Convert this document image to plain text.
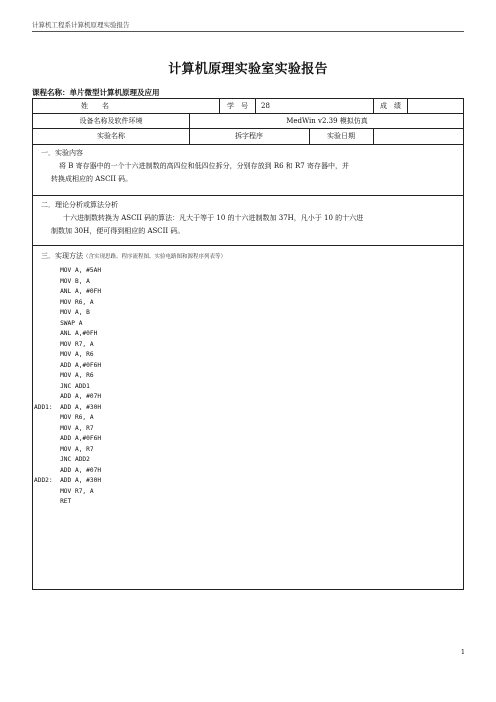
计算机工程系计算机原理实验报告
计算机原理实验室实验报告
课程名称：单片微型计算机原理及应用
姓　　名	学　号	28	成　绩
设备名称及软件环境	MedWin v2.39 模拟仿真
实验名称	拆字程序	实验日期
一．实验内容
将 B 寄存器中的一个十六进制数的高四位和低四位拆分，分别存放到 R6 和 R7 寄存器中，并
转换成相应的 ASCII 码。
二．理论分析或算法分析
十六进制数转换为 ASCII 码的算法：凡大于等于 10 的十六进制数加 37H，凡小于 10 的十六进
制数加 30H，便可得到相应的 ASCII 码。
三．实现方法（含实现思路、程序流程图、实验电路图和源程序列表等）
MOV A, #5AH
MOV B, A
ANL A, #0FH
MOV R6, A
MOV A, B
SWAP A
ANL A,#0FH
MOV R7, A
MOV A, R6
ADD A,#0F6H
MOV A, R6
JNC ADD1
ADD A, #07H
ADD1:  ADD A, #30H
MOV R6, A
MOV A, R7
ADD A,#0F6H
MOV A, R7
JNC ADD2
ADD A, #07H
ADD2:  ADD A, #30H
MOV R7, A
RET
1
